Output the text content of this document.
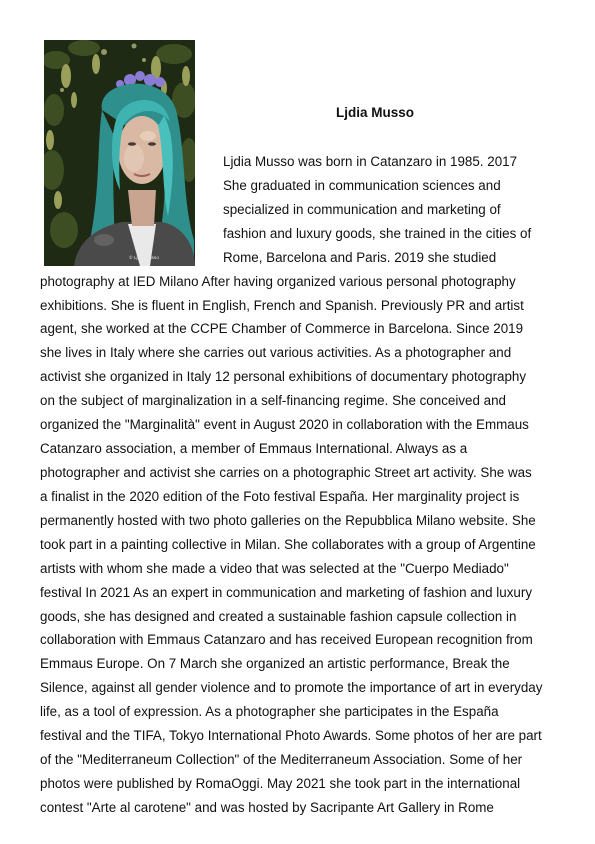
© Ljdia Musso
Ljdia Musso

Ljdia Musso was born in Catanzaro in 1985. 2017
She graduated in communication sciences and
specialized in communication and marketing of
fashion and luxury goods, she trained in the cities of
Rome, Barcelona and Paris. 2019 she studied
photography at IED Milano After having organized various personal photography
exhibitions. She is fluent in English, French and Spanish. Previously PR and artist
agent, she worked at the CCPE Chamber of Commerce in Barcelona. Since 2019
she lives in Italy where she carries out various activities. As a photographer and
activist she organized in Italy 12 personal exhibitions of documentary photography
on the subject of marginalization in a self-financing regime. She conceived and
organized the "Marginalità" event in August 2020 in collaboration with the Emmaus
Catanzaro association, a member of Emmaus International. Always as a
photographer and activist she carries on a photographic Street art activity. She was
a finalist in the 2020 edition of the Foto festival España. Her marginality project is
permanently hosted with two photo galleries on the Repubblica Milano website. She
took part in a painting collective in Milan. She collaborates with a group of Argentine
artists with whom she made a video that was selected at the "Cuerpo Mediado"
festival In 2021 As an expert in communication and marketing of fashion and luxury
goods, she has designed and created a sustainable fashion capsule collection in
collaboration with Emmaus Catanzaro and has received European recognition from
Emmaus Europe. On 7 March she organized an artistic performance, Break the
Silence, against all gender violence and to promote the importance of art in everyday
life, as a tool of expression. As a photographer she participates in the España
festival and the TIFA, Tokyo International Photo Awards. Some photos of her are part
of the "Mediterraneum Collection" of the Mediterraneum Association. Some of her
photos were published by RomaOggi. May 2021 she took part in the international
contest "Arte al carotene" and was hosted by Sacripante Art Gallery in Rome
